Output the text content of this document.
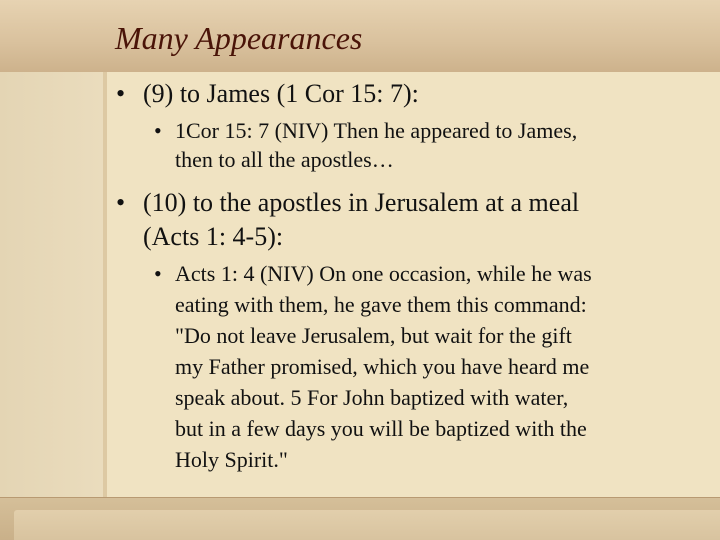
Many Appearances
• (9) to James (1 Cor 15: 7):
• 1Cor 15: 7 (NIV) Then he appeared to James,
then to all the apostles…
• (10) to the apostles in Jerusalem at a meal
(Acts 1: 4-5):
• Acts 1: 4 (NIV) On one occasion, while he was
eating with them, he gave them this command:
"Do not leave Jerusalem, but wait for the gift
my Father promised, which you have heard me
speak about. 5 For John baptized with water,
but in a few days you will be baptized with the
Holy Spirit."
